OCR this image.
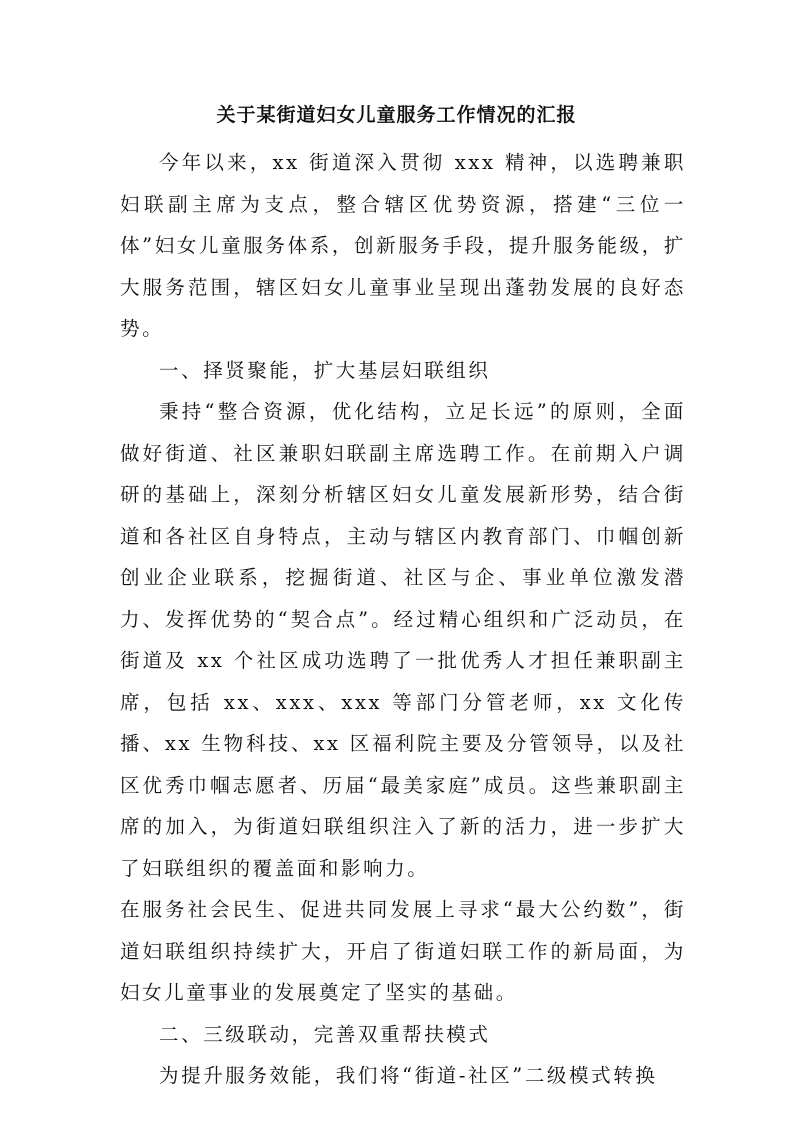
关于某街道妇女儿童服务工作情况的汇报

今年以来，xx 街道深入贯彻 xxx 精神，以选聘兼职妇联副主席为支点，整合辖区优势资源，搭建“三位一体”妇女儿童服务体系，创新服务手段，提升服务能级，扩大服务范围，辖区妇女儿童事业呈现出蓬勃发展的良好态势。

一、择贤聚能，扩大基层妇联组织

秉持“整合资源，优化结构，立足长远”的原则，全面做好街道、社区兼职妇联副主席选聘工作。在前期入户调研的基础上，深刻分析辖区妇女儿童发展新形势，结合街道和各社区自身特点，主动与辖区内教育部门、巾帼创新创业企业联系，挖掘街道、社区与企、事业单位激发潜力、发挥优势的“契合点”。经过精心组织和广泛动员，在街道及 xx 个社区成功选聘了一批优秀人才担任兼职副主席，包括 xx、xxx、xxx 等部门分管老师，xx 文化传播、xx 生物科技、xx 区福利院主要及分管领导，以及社区优秀巾帼志愿者、历届“最美家庭”成员。这些兼职副主席的加入，为街道妇联组织注入了新的活力，进一步扩大了妇联组织的覆盖面和影响力。

在服务社会民生、促进共同发展上寻求“最大公约数”，街道妇联组织持续扩大，开启了街道妇联工作的新局面，为妇女儿童事业的发展奠定了坚实的基础。

二、三级联动，完善双重帮扶模式

为提升服务效能，我们将“街道-社区”二级模式转换
